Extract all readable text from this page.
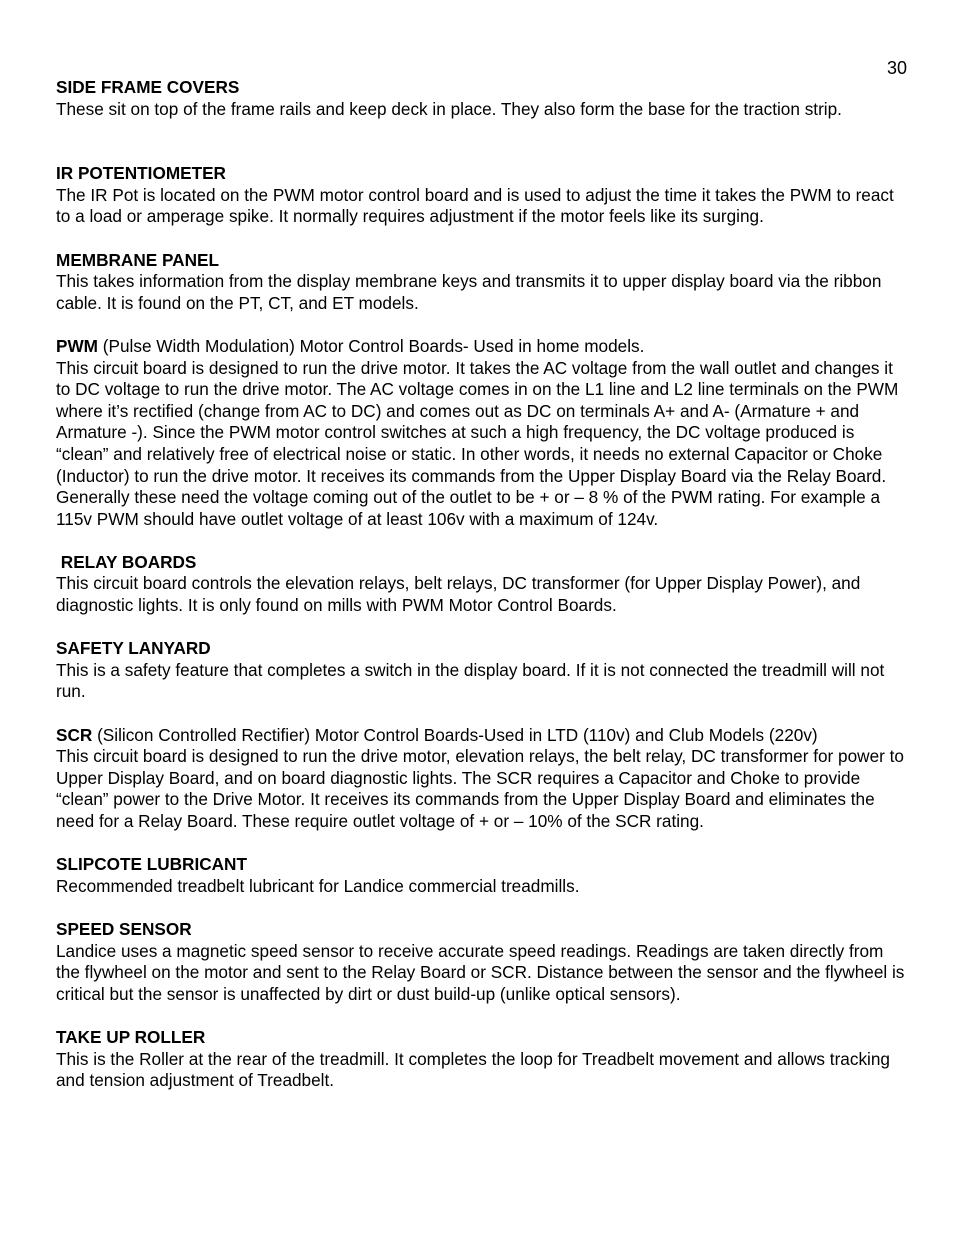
30

SIDE FRAME COVERS

These sit on top of the frame rails and keep deck in place. They also form the base for the traction strip.

IR POTENTIOMETER

The IR Pot is located on the PWM motor control board and is used to adjust the time it takes the PWM to react to a load or amperage spike. It normally requires adjustment if the motor feels like its surging.

MEMBRANE PANEL

This takes information from the display membrane keys and transmits it to upper display board via the ribbon cable. It is found on the PT, CT, and ET models.

PWM (Pulse Width Modulation) Motor Control Boards- Used in home models.

This circuit board is designed to run the drive motor. It takes the AC voltage from the wall outlet and changes it to DC voltage to run the drive motor. The AC voltage comes in on the L1 line and L2 line terminals on the PWM where it’s rectified (change from AC to DC) and comes out as DC on terminals A+ and A- (Armature + and Armature -). Since the PWM motor control switches at such a high frequency, the DC voltage produced is “clean” and relatively free of electrical noise or static. In other words, it needs no external Capacitor or Choke (Inductor) to run the drive motor. It receives its commands from the Upper Display Board via the Relay Board. Generally these need the voltage coming out of the outlet to be + or – 8 % of the PWM rating. For example a 115v PWM should have outlet voltage of at least 106v with a maximum of 124v.

RELAY BOARDS

This circuit board controls the elevation relays, belt relays, DC transformer (for Upper Display Power), and diagnostic lights. It is only found on mills with PWM Motor Control Boards.

SAFETY LANYARD

This is a safety feature that completes a switch in the display board. If it is not connected the treadmill will not run.

SCR (Silicon Controlled Rectifier) Motor Control Boards-Used in LTD (110v) and Club Models (220v)

This circuit board is designed to run the drive motor, elevation relays, the belt relay, DC transformer for power to Upper Display Board, and on board diagnostic lights. The SCR requires a Capacitor and Choke to provide “clean” power to the Drive Motor. It receives its commands from the Upper Display Board and eliminates the need for a Relay Board. These require outlet voltage of + or – 10% of the SCR rating.

SLIPCOTE LUBRICANT

Recommended treadbelt lubricant for Landice commercial treadmills.

SPEED SENSOR

Landice uses a magnetic speed sensor to receive accurate speed readings. Readings are taken directly from the flywheel on the motor and sent to the Relay Board or SCR. Distance between the sensor and the flywheel is critical but the sensor is unaffected by dirt or dust build-up (unlike optical sensors).

TAKE UP ROLLER

This is the Roller at the rear of the treadmill. It completes the loop for Treadbelt movement and allows tracking and tension adjustment of Treadbelt.
